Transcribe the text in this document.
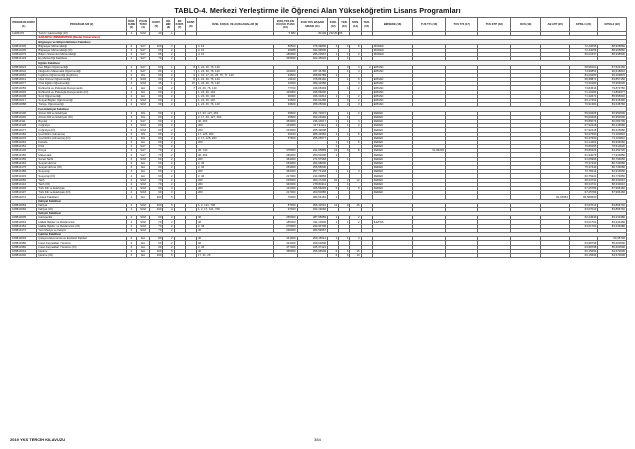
TABLO-4. Merkezi Yerleştirme ile Öğrenci Alan Yükseköğretim Lisans Programları
PROGRAM KODU (1)	PROGRAM ADI (2)	ÖĞR. SÜRE (3)	PUAN TÜRÜ (4)	KONT. (5)	OK. BİR. (6)	EK KONT. (7)	KONT. (8)	ÖZEL KOŞUL VE AÇIKLAMALAR (9)	2018-YKS EN KÜÇÜK PUAN (10)	2018-YKS BAŞARI SIRASI (11)	KON. (12)	YER. (13)	KON. (14)	YER. (15)	BİRSEDE (16)	TUS T71 (16)	TUS T73 (17)	TUS KTP (18)	DUS (19)	AB AYP (20)	KPSS-1 (21)	KPSS-2 (22)
11180176	Turizm İşletmeciliği (İÖ)	4	SÖZ	40	1				5 882	81109	232,81405											
	SAKARYA ÜNİVERSİTESİ (Devlet Üniversitesi)																					
	Bilgisayar ve Bilişim Bilimleri Fakültesi																					
108810305	Bilgisayar Mühendisliği	4	SAY	100	3			4, 16	86503	376,99800	4	4	8		MÜDEK						72,43056	88,905860
108810236	Bilgisayar Mühendisliği (İÖ)	4	SAY	60	2			4, 16	96968	344,99500					MÜDEK						72,43056	88,905860
108810279	Bilişim Sistemleri Mühendisliği	4	SAY	55	2			4, 16	186000	295,23967	1	1	2		MÜDEK						69,21537	85,938500
108810133	Eş Merkezliği Fakültesi	4	SAY	70	2				345690	402,45620		1										
	Eğitim Fakültesi																					
108810023	Fen Bilgisi Öğretmenliği	4	SAY	60	1		8	1, 24, 46, 76, 140				3	4	2	EPDAD						68,96221	87,524150
108810032	İlköğretim Matematik Öğretmenliği	4	SAY	80	2		7	1, 24, 46, 76, 140	103000	337,36780		1	4		EPDAD						74,96852	90,618810
108810062	İngilizce Öğretmenliği (İngilizce)	4	DİL	60	2		9	1, 16, 17, 24, 28, 76, 77, 140	94500	368,80789	1										84,29283	96,209870
108810041	Okul Öncesi Öğretmenliği	4	SÖZ	60	2		8	1, 24, 46, 76, 140	21100	378,86140		1	5		EPDAD						68,38871	83,857150
108810077	Özel Eğitim Öğretmenliği	4	SÖZ	45	1		37	1, 24, 46, 76, 140	10300	389,41086			4		EPDAD						74,30180	70,964030
108810059	Rehberlik ve Psikolojik Danışmanlık	4	EA	60	2		7	24, 46, 76, 140	77700	346,05393		4	2		EPDAD						73,84516	79,873750
108810045	Rehberlik ve Psikolojik Danışmanlık (İÖ)	4	EA	60	2			1, 24, 46, 140	115000	336,59000					EPDAD						71,19184	74,864977
108810238	Sınıf Öğretmenliği	4	EA	60	2			1, 24, 46, 140	96000	336,31814	1	1	2		EPDAD						71,32671	85,595640
108810217	Sosyal Bilgiler Öğretmenliği	4	SÖZ	60	2			1, 24, 46, 140	91600	334,91286		3	2		EPDAD						69,17454	85,915390
108810088	Türkçe Öğretmenliği	4	SÖZ	60	2			1, 24, 46, 76, 140	93600	358,25000		2	3		EPDAD						70,91381	83,648760
	Fen-Edebiyat Fakültesi																					
108810106	Alman Dili ve Edebiyatı	4	DİL	60	2			17, 63, 127, 263	39600	291,72647		1	2		FEDEK						55,09265	66,950600
108810245	Alman Dili ve Edebiyatı (İÖ)	4	DİL	60	2			2, 17, 63, 127, 263	46500	262,24994		1			FEDEK						55,09265	66,950600
108810111	Biyoloji	4	SAY	60	2			46, 263	353000	236,10617	1	1	4		FEDEK						65,85076	80,082706
108810128	Coğrafya	4	SÖZ	60	2			263	143000	317,93111	1	1	2		FEDEK						67,92418	80,215680
108810277	Coğrafya (İÖ)	4	SÖZ	60	2			263	243000	295,39698					FEDEK						67,92418	80,215680
108810182	Çeviribilim (Almanca)	4	DİL	60	2			17, 125, 263	46100	286,43682	1	1	5		FEDEK						59,37660	73,100810
108810233	Çeviribilim (Almanca) (İÖ)	4	DİL	60	2			2, 17, 125, 263	57600	255,25577					FEDEK						59,37660	73,100810
108810263	Felsefe	4	EA	60	2			263			1	1	5		FEDEK						64,14402	69,934660
108810154	Fizik	4	SAY	70	2						1				FEDEK						70,89155	78,610020
108810136	Kimya	4	SAY	70	2			46, 740	378000	231,05889	13	5	8		FEDEK	31,95230					65,86326	84,252720
108810156	Matematik	4	SAY	70	2			46, 263	250000	250,51600	1				FEDEK						61,94076	77,933850
108810155	Sanat Tarihi	4	SÖZ	60	2			263	364000	271,57968		1			FEDEK						61,05996	80,796650
108810163	Sosyal Hizmet	4	EA	60	2			2, 46	253000	264,08000					FEDEK						75,37440	80,733680
108810175	Sosyal Hizmet (İÖ)	4	EA	60	2			2, 46	253000	256,55000					FEDEK						75,37440	80,733680
108810189	Sosyoloji	4	EA	60	2			263	362000	257,73148	1	1	3		FEDEK						70,78214	82,915650
108810133	Sosyoloji (İÖ)	4	EA	60	2			2, 46	217000	214,39856					FEDEK						60,75221	83,774656
108810266	Tarih	4	SÖZ	70	2			263	239000	300,17200	10	2	12		FEDEK						68,34731	88,333010
108810142	Tarih (İÖ)	4	SÖZ	70	2			263	340000	278,83211		1			FEDEK						68,34731	88,333010
108810248	Türk Dili ve Edebiyatı	4	SÖZ	90	3			263	131000	325,56045	5	1	5		FEDEK						67,25783	87,966160
108810197	Türk Dili ve Edebiyatı (İÖ)	4	SÖZ	90	3			263	217000	300,50085					FEDEK						67,25783	87,966160
108810274	Hukuk Fakültesi	4	EA	260	5				70000	384,54181	1									81,10654	82,569500	
	İlahiyat Fakültesi																					
108810063	İlahiyat	4	SÖZ	200	5			1, 2, 121, 708	87000	356,42510	12	9	25								63,67013	83,866740
108810066	İlahiyat (İÖ)	4	SÖZ	190	4			1, 2, 17, 121, 708	97400	332,19060											63,67013	83,866740
	İletişim Fakültesi																					
108810005	Gazetecilik	4	SÖZ	60	2			46	265000	287,65689	1		2								62,24640	83,233480
108810063	Halkla İlişkiler ve Reklamcılık	4	SÖZ	70	2			46	185000	311,19300	1	1	2		İLETDA						63,61702	83,233480
108810154	Halkla İlişkiler ve Reklamcılık (İÖ)	4	SÖZ	70	2			2, 46	276000	290,30706											63,61702	83,233480
108810174	Yeni Medya ve İletişim	4	SÖZ	70	2			46	296000	284,59067												
	İşletme Fakültesi																					
108810093	Çalışma Ekonomisi ve Endüstri İlişkileri	4	EA	80	2			46	441000	250,15612	1	1	3									60,35700
108810386	İnsan Kaynakları Yönetimi	4	EA	60	2			46	331000	269,61800											63,98798	85,660590
108810366	İnsan Kaynakları Yönetimi (İÖ)	4	EA	60	2			2, 46	477000	225,37121											63,98798	85,660590
108810244	İşletme	4	EA	160	5			46	355000	256,96530	6	6	15								66,15694	84,570000
108810202	İşletme (İÖ)	4	EA	160	5			17, 31, 26			6	6	13								66,15694	84,570000
2019 YKS TERCİH KILAVUZU	384
